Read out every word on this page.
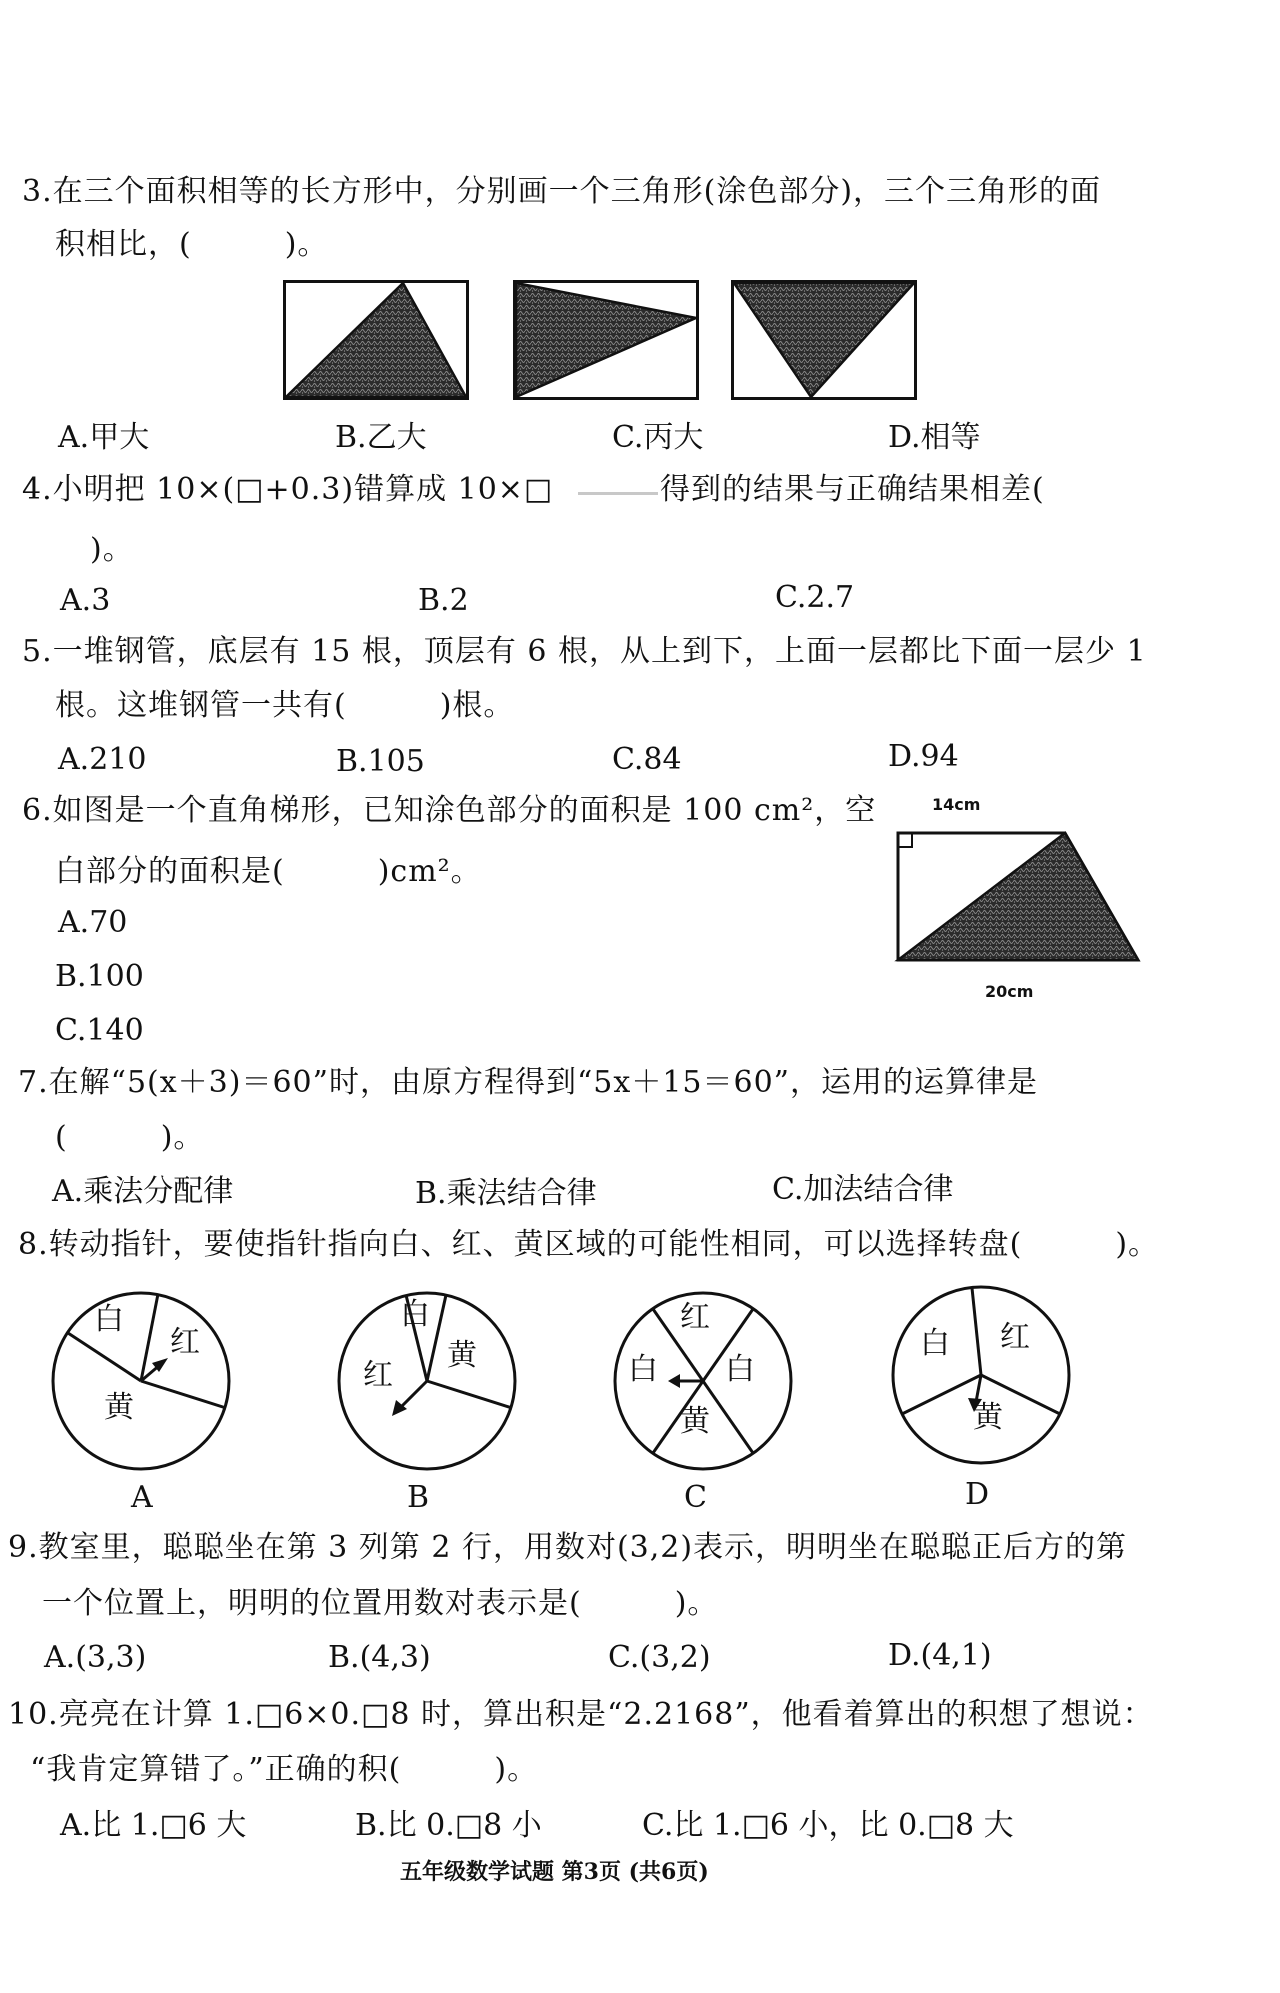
3.在三个面积相等的长方形中，分别画一个三角形(涂色部分)，三个三角形的面
积相比，(　　　)。
A.甲大	B.乙大	C.丙大	D.相等
4.小明把 10×(□+0.3)错算成 10×□	得到的结果与正确结果相差(
)。
A.3	B.2	C.2.7
5.一堆钢管，底层有 15 根，顶层有 6 根，从上到下，上面一层都比下面一层少 1
根。这堆钢管一共有(　　　)根。
A.210	B.105	C.84	D.94
6.如图是一个直角梯形，已知涂色部分的面积是 100 cm²，空
白部分的面积是(　　　)cm²。
A.70
B.100
C.140
14cm
20cm
7.在解“5(x＋3)＝60”时，由原方程得到“5x＋15＝60”，运用的运算律是
(　　　)。
A.乘法分配律	B.乘法结合律	C.加法结合律
8.转动指针，要使指针指向白、红、黄区域的可能性相同，可以选择转盘(　　　)。
白
红
黄
A
白
黄
红
B
红
白 白
黄
C
白 红
黄
D
9.教室里，聪聪坐在第 3 列第 2 行，用数对(3,2)表示，明明坐在聪聪正后方的第
一个位置上，明明的位置用数对表示是(　　　)。
A.(3,3)	B.(4,3)	C.(3,2)	D.(4,1)
10.亮亮在计算 1.□6×0.□8 时，算出积是“2.2168”，他看着算出的积想了想说：
“我肯定算错了。”正确的积(　　　)。
A.比 1.□6 大	B.比 0.□8 小	C.比 1.□6 小，比 0.□8 大
五年级数学试题 第3页 (共6页)
